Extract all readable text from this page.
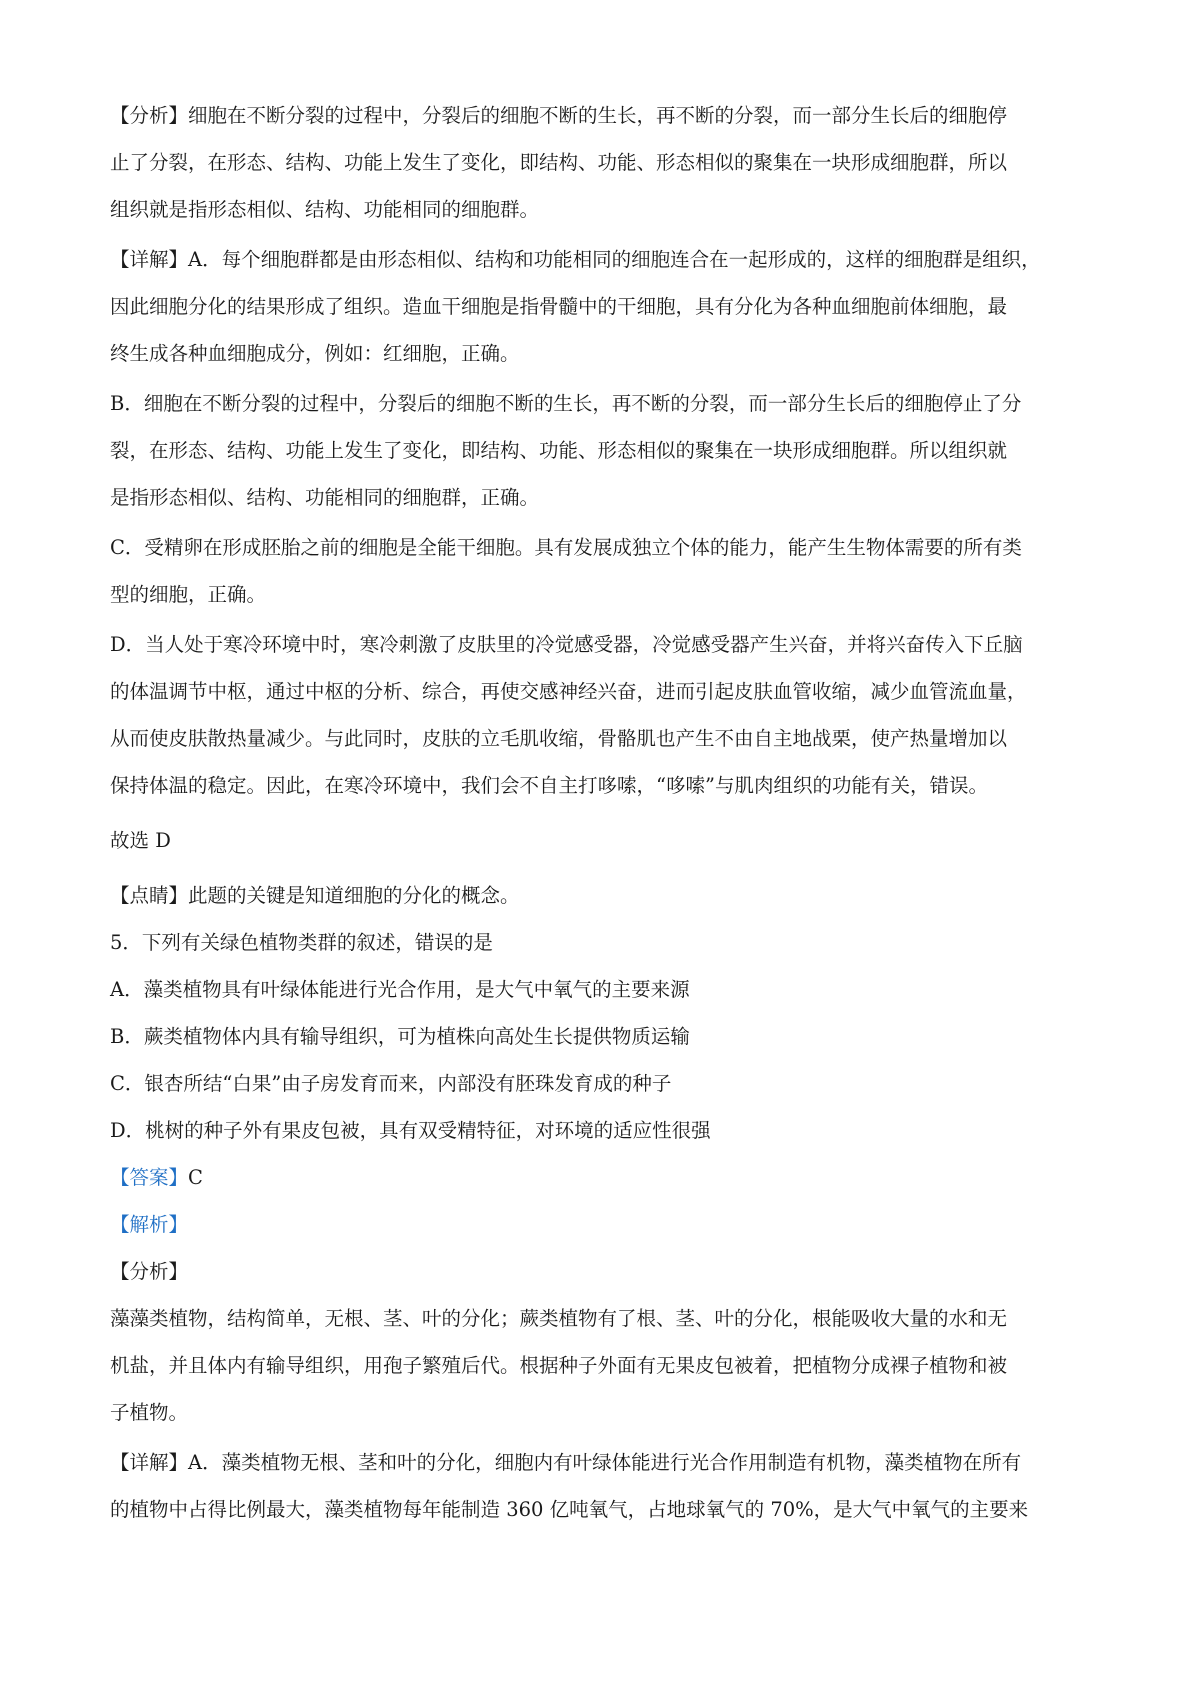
【分析】细胞在不断分裂的过程中，分裂后的细胞不断的生长，再不断的分裂，而一部分生长后的细胞停
止了分裂，在形态、结构、功能上发生了变化，即结构、功能、形态相似的聚集在一块形成细胞群，所以
组织就是指形态相似、结构、功能相同的细胞群。
【详解】A．每个细胞群都是由形态相似、结构和功能相同的细胞连合在一起形成的，这样的细胞群是组织，
因此细胞分化的结果形成了组织。造血干细胞是指骨髓中的干细胞，具有分化为各种血细胞前体细胞，最
终生成各种血细胞成分，例如：红细胞，正确。
B．细胞在不断分裂的过程中，分裂后的细胞不断的生长，再不断的分裂，而一部分生长后的细胞停止了分
裂，在形态、结构、功能上发生了变化，即结构、功能、形态相似的聚集在一块形成细胞群。所以组织就
是指形态相似、结构、功能相同的细胞群，正确。
C．受精卵在形成胚胎之前的细胞是全能干细胞。具有发展成独立个体的能力，能产生生物体需要的所有类
型的细胞，正确。
D．当人处于寒冷环境中时，寒冷刺激了皮肤里的冷觉感受器，冷觉感受器产生兴奋，并将兴奋传入下丘脑
的体温调节中枢，通过中枢的分析、综合，再使交感神经兴奋，进而引起皮肤血管收缩，减少血管流血量，
从而使皮肤散热量减少。与此同时，皮肤的立毛肌收缩，骨骼肌也产生不由自主地战栗，使产热量增加以
保持体温的稳定。因此，在寒冷环境中，我们会不自主打哆嗦，“哆嗦”与肌肉组织的功能有关，错误。
故选 D
【点睛】此题的关键是知道细胞的分化的概念。
5．下列有关绿色植物类群的叙述，错误的是
A．藻类植物具有叶绿体能进行光合作用，是大气中氧气的主要来源
B．蕨类植物体内具有输导组织，可为植株向高处生长提供物质运输
C．银杏所结“白果”由子房发育而来，内部没有胚珠发育成的种子
D．桃树的种子外有果皮包被，具有双受精特征，对环境的适应性很强
【答案】C
【解析】
【分析】
藻藻类植物，结构简单，无根、茎、叶的分化；蕨类植物有了根、茎、叶的分化，根能吸收大量的水和无
机盐，并且体内有输导组织，用孢子繁殖后代。根据种子外面有无果皮包被着，把植物分成裸子植物和被
子植物。
【详解】A．藻类植物无根、茎和叶的分化，细胞内有叶绿体能进行光合作用制造有机物，藻类植物在所有
的植物中占得比例最大，藻类植物每年能制造 360 亿吨氧气，占地球氧气的 70%，是大气中氧气的主要来
